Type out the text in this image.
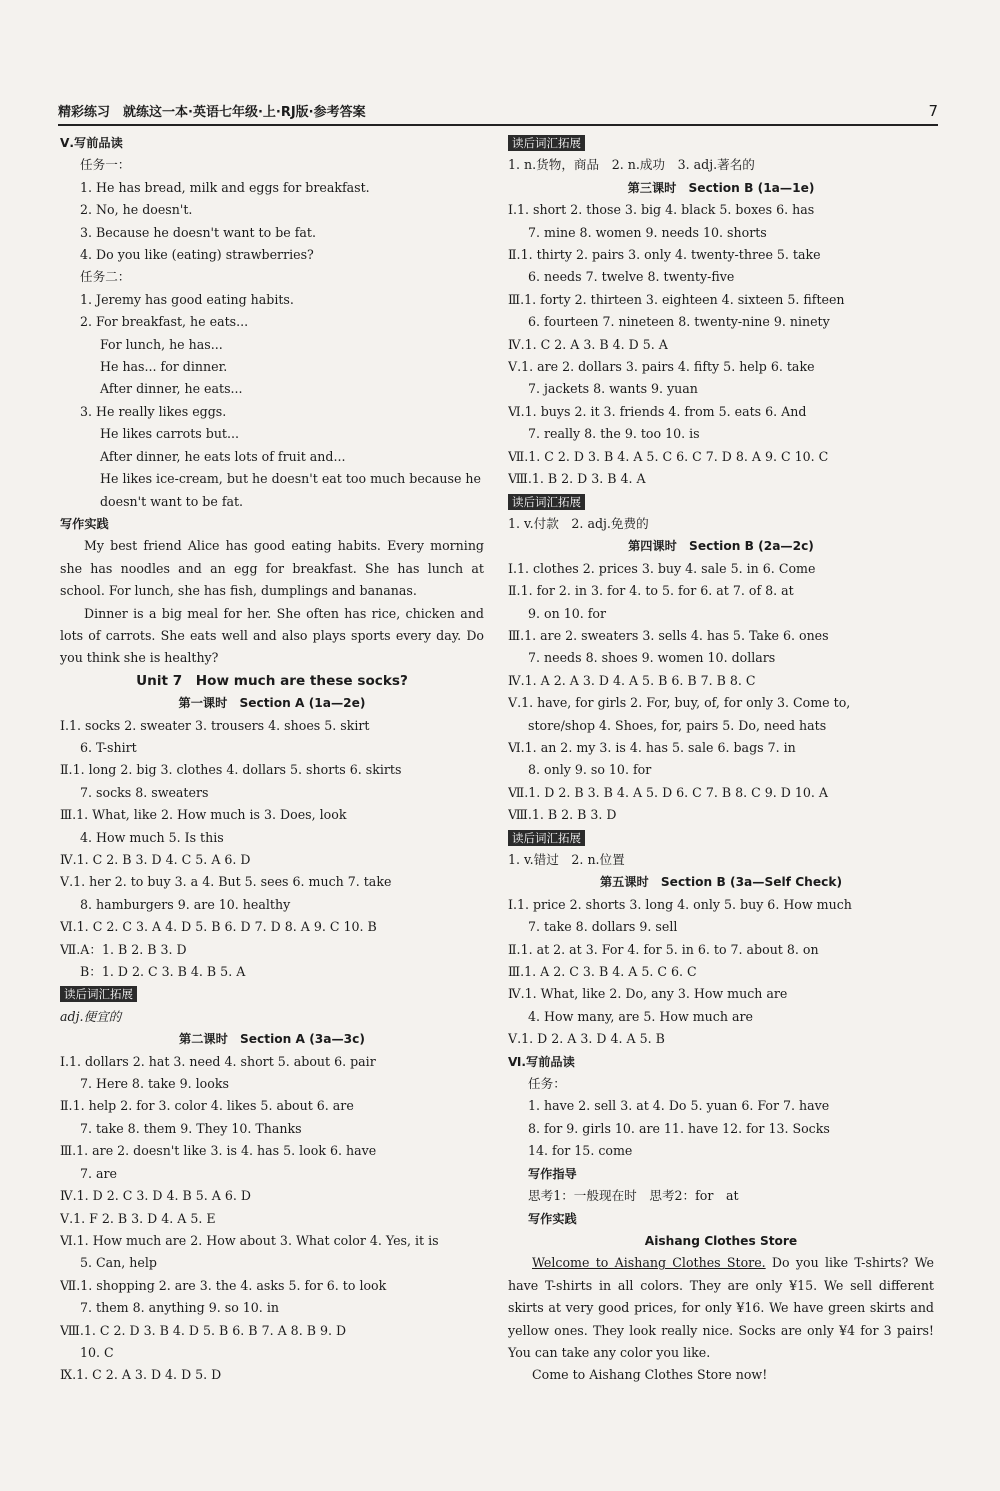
精彩练习　就练这一本·英语七年级·上·RJ版·参考答案	7
Ⅴ.写前品读
任务一：
1. He has bread, milk and eggs for breakfast.
2. No, he doesn't.
3. Because he doesn't want to be fat.
4. Do you like (eating) strawberries?
任务二：
1. Jeremy has good eating habits.
2. For breakfast, he eats...
For lunch, he has...
He has... for dinner.
After dinner, he eats...
3. He really likes eggs.
He likes carrots but...
After dinner, he eats lots of fruit and...
He likes ice-cream, but he doesn't eat too much because he
doesn't want to be fat.
写作实践
My best friend Alice has good eating habits. Every morning she has noodles and an egg for breakfast. She has lunch at school. For lunch, she has fish, dumplings and bananas.
Dinner is a big meal for her. She often has rice, chicken and lots of carrots. She eats well and also plays sports every day. Do you think she is healthy?
Unit 7　How much are these socks?
第一课时　Section A (1a—2e)
Ⅰ.1. socks 2. sweater 3. trousers 4. shoes 5. skirt
6. T-shirt
Ⅱ.1. long 2. big 3. clothes 4. dollars 5. shorts 6. skirts
7. socks 8. sweaters
Ⅲ.1. What, like 2. How much is 3. Does, look
4. How much 5. Is this
Ⅳ.1. C 2. B 3. D 4. C 5. A 6. D
Ⅴ.1. her 2. to buy 3. a 4. But 5. sees 6. much 7. take
8. hamburgers 9. are 10. healthy
Ⅵ.1. C 2. C 3. A 4. D 5. B 6. D 7. D 8. A 9. C 10. B
Ⅶ.A：1. B 2. B 3. D
B：1. D 2. C 3. B 4. B 5. A
读后词汇拓展
adj.便宜的
第二课时　Section A (3a—3c)
Ⅰ.1. dollars 2. hat 3. need 4. short 5. about 6. pair
7. Here 8. take 9. looks
Ⅱ.1. help 2. for 3. color 4. likes 5. about 6. are
7. take 8. them 9. They 10. Thanks
Ⅲ.1. are 2. doesn't like 3. is 4. has 5. look 6. have
7. are
Ⅳ.1. D 2. C 3. D 4. B 5. A 6. D
Ⅴ.1. F 2. B 3. D 4. A 5. E
Ⅵ.1. How much are 2. How about 3. What color 4. Yes, it is
5. Can, help
Ⅶ.1. shopping 2. are 3. the 4. asks 5. for 6. to look
7. them 8. anything 9. so 10. in
Ⅷ.1. C 2. D 3. B 4. D 5. B 6. B 7. A 8. B 9. D
10. C
Ⅸ.1. C 2. A 3. D 4. D 5. D
读后词汇拓展
1. n.货物，商品　2. n.成功　3. adj.著名的
第三课时　Section B (1a—1e)
Ⅰ.1. short 2. those 3. big 4. black 5. boxes 6. has
7. mine 8. women 9. needs 10. shorts
Ⅱ.1. thirty 2. pairs 3. only 4. twenty-three 5. take
6. needs 7. twelve 8. twenty-five
Ⅲ.1. forty 2. thirteen 3. eighteen 4. sixteen 5. fifteen
6. fourteen 7. nineteen 8. twenty-nine 9. ninety
Ⅳ.1. C 2. A 3. B 4. D 5. A
Ⅴ.1. are 2. dollars 3. pairs 4. fifty 5. help 6. take
7. jackets 8. wants 9. yuan
Ⅵ.1. buys 2. it 3. friends 4. from 5. eats 6. And
7. really 8. the 9. too 10. is
Ⅶ.1. C 2. D 3. B 4. A 5. C 6. C 7. D 8. A 9. C 10. C
Ⅷ.1. B 2. D 3. B 4. A
读后词汇拓展
1. v.付款　2. adj.免费的
第四课时　Section B (2a—2c)
Ⅰ.1. clothes 2. prices 3. buy 4. sale 5. in 6. Come
Ⅱ.1. for 2. in 3. for 4. to 5. for 6. at 7. of 8. at
9. on 10. for
Ⅲ.1. are 2. sweaters 3. sells 4. has 5. Take 6. ones
7. needs 8. shoes 9. women 10. dollars
Ⅳ.1. A 2. A 3. D 4. A 5. B 6. B 7. B 8. C
Ⅴ.1. have, for girls 2. For, buy, of, for only 3. Come to,
store/shop 4. Shoes, for, pairs 5. Do, need hats
Ⅵ.1. an 2. my 3. is 4. has 5. sale 6. bags 7. in
8. only 9. so 10. for
Ⅶ.1. D 2. B 3. B 4. A 5. D 6. C 7. B 8. C 9. D 10. A
Ⅷ.1. B 2. B 3. D
读后词汇拓展
1. v.错过　2. n.位置
第五课时　Section B (3a—Self Check)
Ⅰ.1. price 2. shorts 3. long 4. only 5. buy 6. How much
7. take 8. dollars 9. sell
Ⅱ.1. at 2. at 3. For 4. for 5. in 6. to 7. about 8. on
Ⅲ.1. A 2. C 3. B 4. A 5. C 6. C
Ⅳ.1. What, like 2. Do, any 3. How much are
4. How many, are 5. How much are
Ⅴ.1. D 2. A 3. D 4. A 5. B
Ⅵ.写前品读
任务：
1. have 2. sell 3. at 4. Do 5. yuan 6. For 7. have
8. for 9. girls 10. are 11. have 12. for 13. Socks
14. for 15. come
写作指导
思考1：一般现在时　思考2：for　at
写作实践
Aishang Clothes Store
Welcome to Aishang Clothes Store. Do you like T-shirts? We have T-shirts in all colors. They are only ¥15. We sell different skirts at very good prices, for only ¥16. We have green skirts and yellow ones. They look really nice. Socks are only ¥4 for 3 pairs! You can take any color you like.
Come to Aishang Clothes Store now!
